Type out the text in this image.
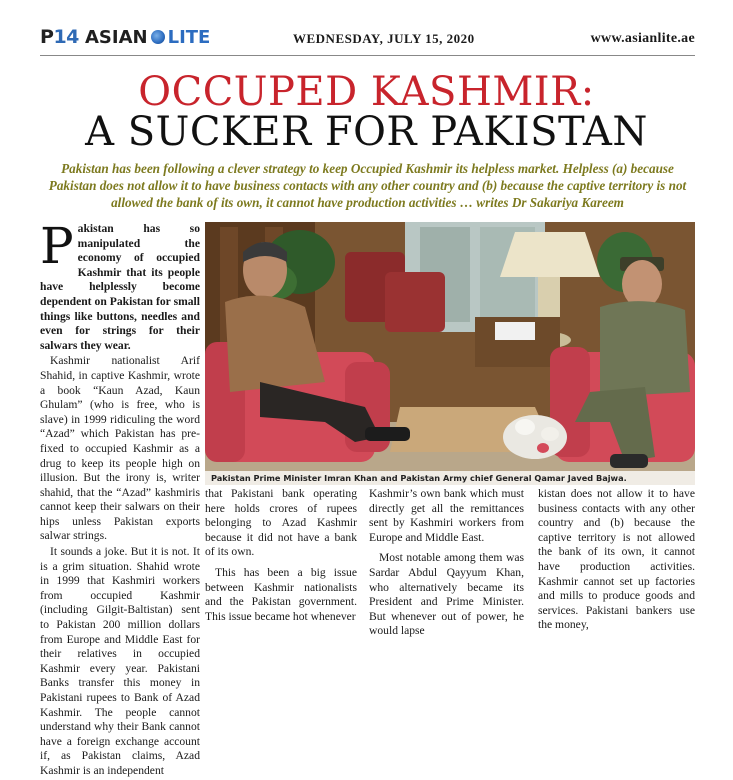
P14 ASIAN LITE	WEDNESDAY, JULY 15, 2020	www.asianlite.ae
OCCUPED KASHMIR:
A SUCKER FOR PAKISTAN
Pakistan has been following a clever strategy to keep Occupied Kashmir its helpless market. Helpless (a) because Pakistan does not allow it to have business contacts with any other country and (b) because the captive territory is not allowed the bank of its own, it cannot have production activities … writes Dr Sakariya Kareem

Pakistan has so manipulated the economy of occupied Kashmir that its people have helplessly become dependent on Pakistan for small things like buttons, needles and even for strings for their salwars they wear.

Kashmir nationalist Arif Shahid, in captive Kashmir, wrote a book “Kaun Azad, Kaun Ghulam” (who is free, who is slave) in 1999 ridiculing the word “Azad” which Pakistan has pre-fixed to occupied Kashmir as a drug to keep its people high on illusion. But the irony is, writer shahid, that the “Azad” kashmiris cannot keep their salwars on their hips unless Pakistan exports salwar strings.

It sounds a joke. But it is not. It is a grim situation. Shahid wrote in 1999 that Kashmiri workers from occupied Kashmir (including Gilgit-Baltistan) sent to Pakistan 200 million dollars from Europe and Middle East for their relatives in occupied Kashmir every year. Pakistani Banks transfer this money in Pakistani rupees to Bank of Azad Kashmir. The people cannot understand why their Bank cannot have a foreign exchange account if, as Pakistan claims, Azad Kashmir is an independent

Pakistan Prime Minister Imran Khan and Pakistan Army chief General Qamar Javed Bajwa.

that Pakistani bank operating here holds crores of rupees belonging to Azad Kashmir because it did not have a bank of its own.

This has been a big issue between Kashmir nationalists and the Pakistan government. This issue became hot whenever

Kashmir’s own bank which must directly get all the remittances sent by Kashmiri workers from Europe and Middle East.

Most notable among them was Sardar Abdul Qayyum Khan, who alternatively became its President and Prime Minister. But whenever out of power, he would lapse

kistan does not allow it to have business contacts with any other country and (b) because the captive territory is not allowed the bank of its own, it cannot have production activities. Kashmir cannot set up factories and mills to produce goods and services. Pakistani bankers use the money,
